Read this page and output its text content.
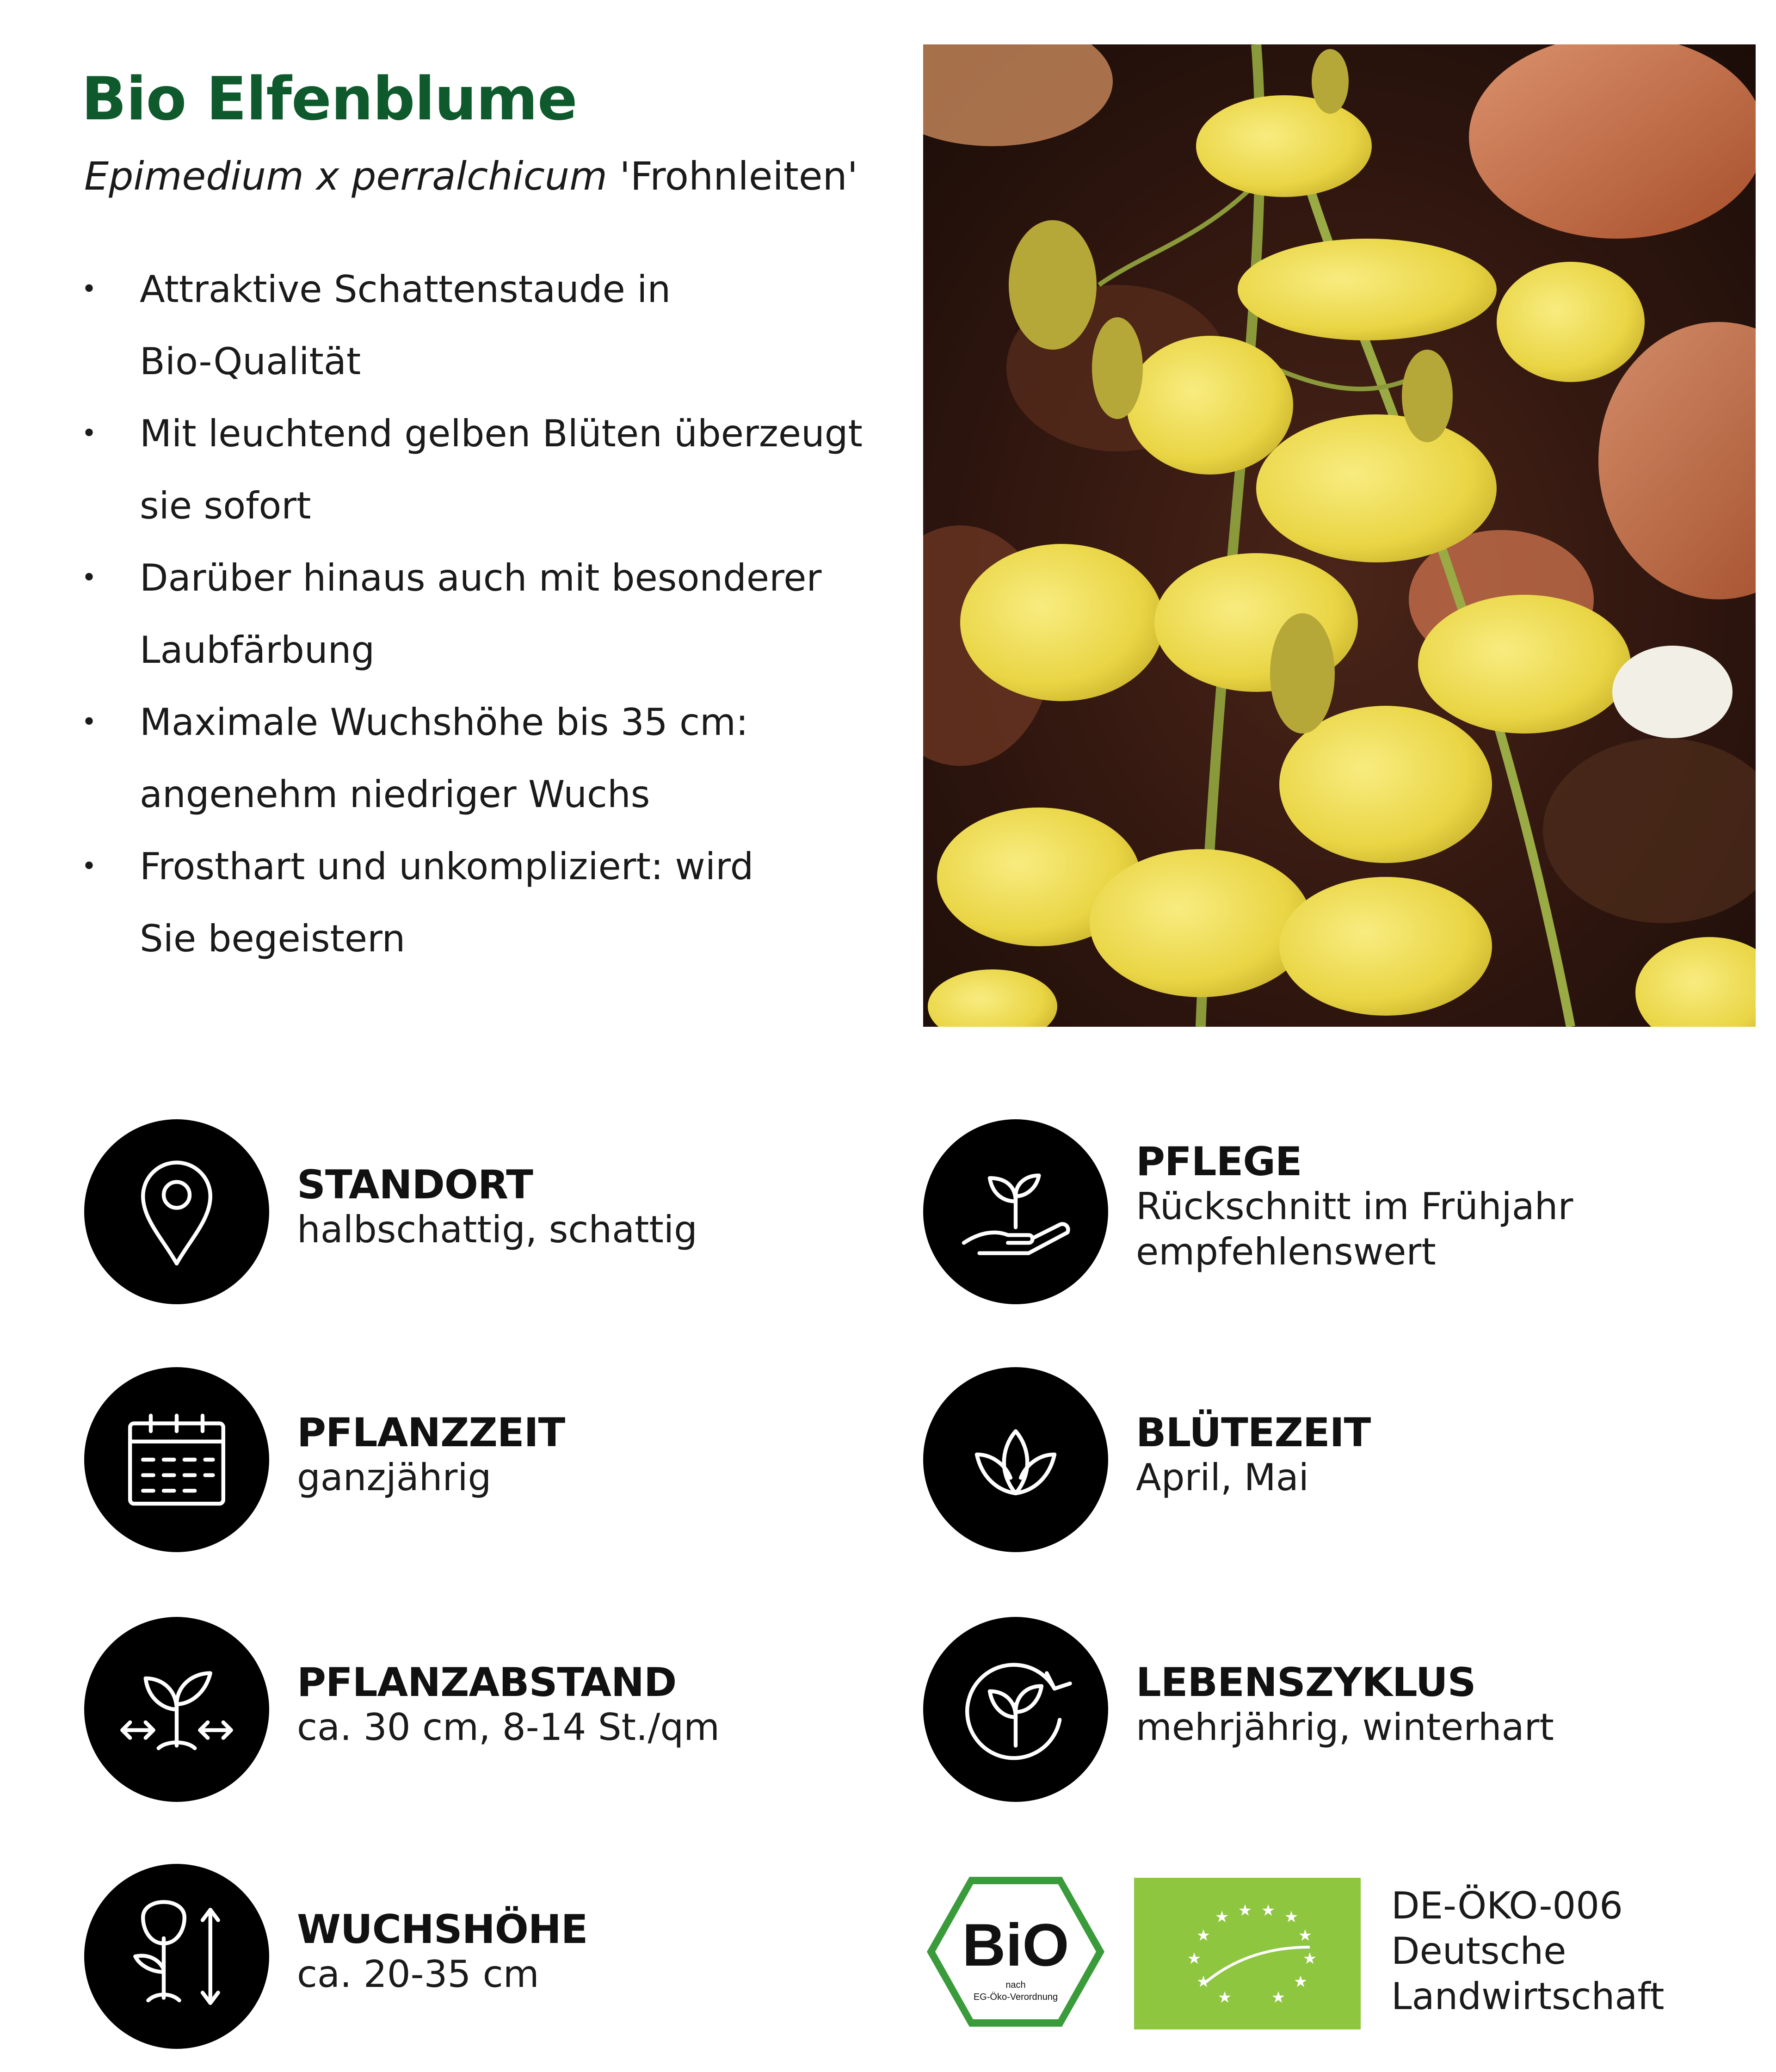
Bio Elfenblume
Epimedium x perralchicum 'Frohnleiten'
• Attraktive Schattenstaude in
Bio-Qualität
• Mit leuchtend gelben Blüten überzeugt
sie sofort
• Darüber hinaus auch mit besonderer
Laubfärbung
• Maximale Wuchshöhe bis 35 cm:
angenehm niedriger Wuchs
• Frosthart und unkompliziert: wird
Sie begeistern
STANDORT
halbschattig, schattig
PFLEGE
Rückschnitt im Frühjahr
empfehlenswert
PFLANZZEIT
ganzjährig
BLÜTEZEIT
April, Mai
PFLANZABSTAND
ca. 30 cm, 8-14 St./qm
LEBENSZYKLUS
mehrjährig, winterhart
WUCHSHÖHE
ca. 20-35 cm	BiO
nach
EG-Öko-Verordnung
★ ★ ★ ★
★	★
★	★
★	★
★	★
DE-ÖKO-006
Deutsche
Landwirtschaft
